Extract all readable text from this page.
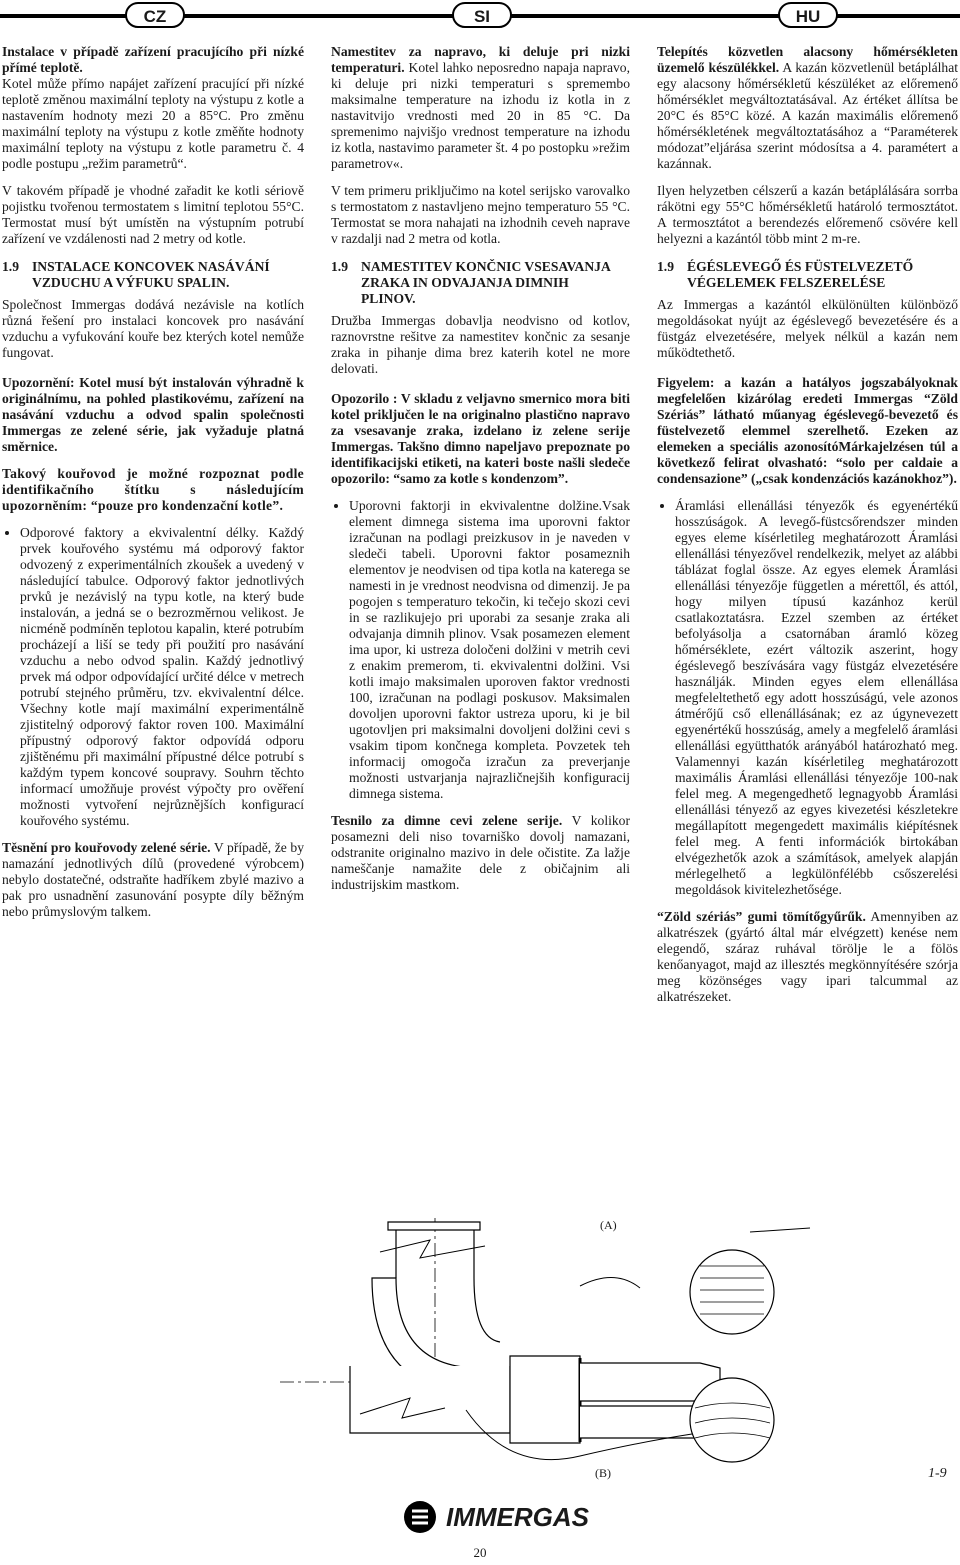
CZ	SI	HU

Instalace v případě zařízení pracujícího při nízké přímé teplotě.
Kotel může přímo napájet zařízení pracující při nízké teplotě změnou maximální teploty na výstupu z kotle a nastavením hodnoty mezi 20 a 85°C. Pro změnu maximální teploty na výstupu z kotle změňte hodnoty maximální teploty na výstupu z kotle parametru č. 4 podle postupu „režim parametrů“.

V takovém případě je vhodné zařadit ke kotli sériově pojistku tvořenou termostatem s limitní teplotou 55°C. Termostat musí být umístěn na výstupním potrubí zařízení ve vzdálenosti nad 2 metry od kotle.

1.9 INSTALACE KONCOVEK NASÁVÁNÍ
VZDUCHU A VÝFUKU SPALIN.

Společnost Immergas dodává nezávisle na kotlích různá řešení pro instalaci koncovek pro nasávání vzduchu a vyfukování kouře bez kterých kotel nemůže fungovat.

Upozornění: Kotel musí být instalován výhradně k originálnímu, na pohled plastikovému, zařízení na nasávání vzduchu a odvod spalin společnosti Immergas ze zelené série, jak vyžaduje platná směrnice.

Takový kouřovod je možné rozpoznat podle identifikačního štítku s následujícím upozorněním: “pouze pro kondenzační kotle”.

• Odporové faktory a ekvivalentní délky. Každý prvek kouřového systému má odporový faktor odvozený z experimentálních zkoušek a uvedený v následující tabulce. Odporový faktor jednotlivých prvků je nezávislý na typu kotle, na který bude instalován, a jedná se o bezrozměrnou velikost. Je nicméně podmíněn teplotou kapalin, které potrubím procházejí a liší se tedy při použití pro nasávání vzduchu a nebo odvod spalin. Každý jednotlivý prvek má odpor odpovídající určité délce v metrech potrubí stejného průměru, tzv. ekvivalentní délce. Všechny kotle mají maximální experimentálně zjistitelný odporový faktor roven 100. Maximální přípustný odporový faktor odpovídá odporu zjištěnému při maximální přípustné délce potrubí s každým typem koncové soupravy. Souhrn těchto informací umožňuje provést výpočty pro ověření možnosti vytvoření nejrůznějších konfigurací kouřového systému.

Těsnění pro kouřovody zelené série. V případě, že by namazání jednotlivých dílů (provedené výrobcem) nebylo dostatečné, odstraňte hadříkem zbylé mazivo a pak pro usnadnění zasunování posypte díly běžným nebo průmyslovým talkem.

Namestitev za napravo, ki deluje pri nizki temperaturi. Kotel lahko neposredno napaja napravo, ki deluje pri nizki temperaturi s spremembo maksimalne temperature na izhodu iz kotla in z nastavitvijo vrednosti med 20 in 85 °C. Da spremenimo najvišjo vrednost temperature na izhodu iz kotla, nastavimo parameter št. 4 po postopku »režim parametrov«.

V tem primeru priključimo na kotel serijsko varovalko s termostatom z nastavljeno mejno temperaturo 55 °C. Termostat se mora nahajati na izhodnih ceveh naprave v razdalji nad 2 metra od kotla.

1.9 NAMESTITEV KONČNIC VSESAVANJA
ZRAKA IN ODVAJANJA DIMNIH
PLINOV.

Družba Immergas dobavlja neodvisno od kotlov, raznovrstne rešitve za namestitev končnic za sesanje zraka in pihanje dima brez katerih kotel ne more delovati.

Opozorilo : V skladu z veljavno smernico mora biti kotel priključen le na originalno plastično napravo za vsesavanje zraka, izdelano iz zelene serije Immergas. Takšno dimno napeljavo prepoznate po identifikacijski etiketi, na kateri boste našli sledeče opozorilo: “samo za kotle s kondenzom”.

• Uporovni faktorji in ekvivalentne dolžine.Vsak element dimnega sistema ima uporovni faktor izračunan na podlagi preizkusov in je naveden v sledeči tabeli. Uporovni faktor posameznih elementov je neodvisen od tipa kotla na katerega se namesti in je vrednost neodvisna od dimenzij. Je pa pogojen s temperaturo tekočin, ki tečejo skozi cevi in se razlikujejo pri uporabi za sesanje zraka ali odvajanja dimnih plinov. Vsak posamezen element ima upor, ki ustreza določeni dolžini v metrih cevi z enakim premerom, ti. ekvivalentni dolžini. Vsi kotli imajo maksimalen uporoven faktor vrednosti 100, izračunan na podlagi poskusov. Maksimalen dovoljen uporovni faktor ustreza uporu, ki je bil ugotovljen pri maksimalni dovoljeni dolžini cevi s vsakim tipom končnega kompleta. Povzetek teh informacij omogoča izračun za preverjanje možnosti ustvarjanja najrazličnejših konfiguracij dimnega sistema.

Tesnilo za dimne cevi zelene serije. V kolikor posamezni deli niso tovarniško dovolj namazani, odstranite originalno mazivo in dele očistite. Za lažje nameščanje namažite dele z običajnim ali industrijskim mastkom.

Telepítés közvetlen alacsony hőmérsékleten üzemelő készülékkel. A kazán közvetlenül betáplálhat egy alacsony hőmérsékletű készüléket az előremenő hőmérséklet megváltoztatásával. Az értéket állítsa be 20°C és 85°C közé. A kazán maximális előremenő hőmérsékletének megváltoztatásához a “Paraméterek módozat”eljárása szerint módosítsa a 4. paramétert a kazánnak.

Ilyen helyzetben célszerű a kazán betáplálására sorrba rákötni egy 55°C hőmérsékletű határoló termosztátot. A termosztátot a berendezés előremenő csövére kell helyezni a kazántól több mint 2 m-re.

1.9 ÉGÉSLEVEGŐ ÉS FÜSTELVEZETŐ
VÉGELEMEK FELSZERELÉSE

Az Immergas a kazántól elkülönülten különböző megoldásokat nyújt az égéslevegő bevezetésére és a füstgáz elvezetésére, melyek nélkül a kazán nem működtethető.

Figyelem: a kazán a hatályos jogszabályoknak megfelelően kizárólag eredeti Immergas “Zöld Szériás” látható műanyag égéslevegő-bevezető és füstelvezető elemmel szerelhető. Ezeken az elemeken a speciális azonosítóMárkajelzésen túl a következő felirat olvasható: “solo per caldaie a condensazione” („csak kondenzációs kazánokhoz”).

• Áramlási ellenállási tényezők és egyenértékű hosszúságok. A levegő-füstcsőrendszer minden egyes eleme kísérletileg meghatározott Áramlási ellenállási tényezővel rendelkezik, melyet az alábbi táblázat foglal össze. Az egyes elemek Áramlási ellenállási tényezője független a mérettől, és attól, hogy milyen típusú kazánhoz kerül csatlakoztatásra. Ezzel szemben az értéket befolyásolja a csatornában áramló közeg hőmérséklete, ezért változik aszerint, hogy égéslevegő beszívására vagy füstgáz elvezetésére használják. Minden egyes elem ellenállása megfeleltethető egy adott hosszúságú, vele azonos átmérőjű cső ellenállásának; ez az úgynevezett egyenértékű hosszúság, amely a megfelelő áramlási ellenállási együtthatók arányából határozható meg. Valamennyi kazán kísérletileg meghatározott maximális Áramlási ellenállási tényezője 100-nak felel meg. A megengedhető legnagyobb Áramlási ellenállási tényező az egyes kivezetési készletekre megállapított megengedett maximális kiépítésnek felel meg. A fenti információk birtokában elvégezhetők azok a számítások, amelyek alapján mérlegelhető a legkülönfélébb csőszerelési megoldások kivitelezhetősége.

“Zöld szériás” gumi tömítőgyűrűk. Amennyiben az alkatrészek (gyártó által már elvégzett) kenése nem elegendő, száraz ruhával törölje le a fölös kenőanyagot, majd az illesztés megkönnyítésére szórja meg közönséges vagy ipari talcummal az alkatrészeket.

(A)
(B)	1-9
IMMERGAS
20
